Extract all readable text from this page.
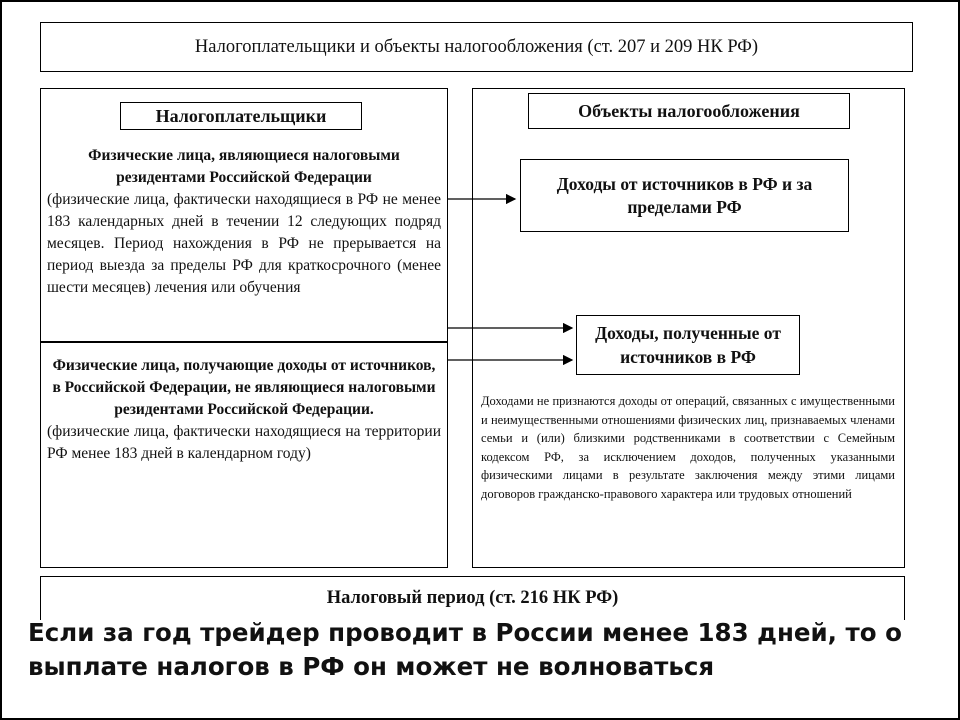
Налогоплательщики и объекты налогообложения (ст. 207 и 209 НК РФ)
Налогоплательщики
Физические лица, являющиеся налоговыми резидентами Российской Федерации
(физические лица, фактически находящиеся в РФ не менее 183 календарных дней в течении 12 следующих подряд месяцев. Период нахождения в РФ не прерывается на период выезда за пределы РФ для краткосрочного (менее шести месяцев) лечения или обучения
Физические лица, получающие доходы от источников, в Российской Федерации, не являющиеся налоговыми резидентами Российской Федерации.
(физические лица, фактически находящиеся на территории РФ менее 183 дней в календарном году)
Объекты налогообложения
Доходы от источников в РФ и за пределами РФ
Доходы, полученные от источников в РФ
Доходами не признаются доходы от операций, связанных с имущественными и неимущественными отношениями физических лиц, признаваемых членами семьи и (или) близкими родственниками в соответствии с Семейным кодексом РФ, за исключением доходов, полученных указанными физическими лицами в результате заключения между этими лицами договоров гражданско-правового характера или трудовых отношений
Налоговый период (ст. 216 НК РФ)
Если за год трейдер проводит в России менее 183 дней, то о выплате налогов в РФ он может не волноваться
